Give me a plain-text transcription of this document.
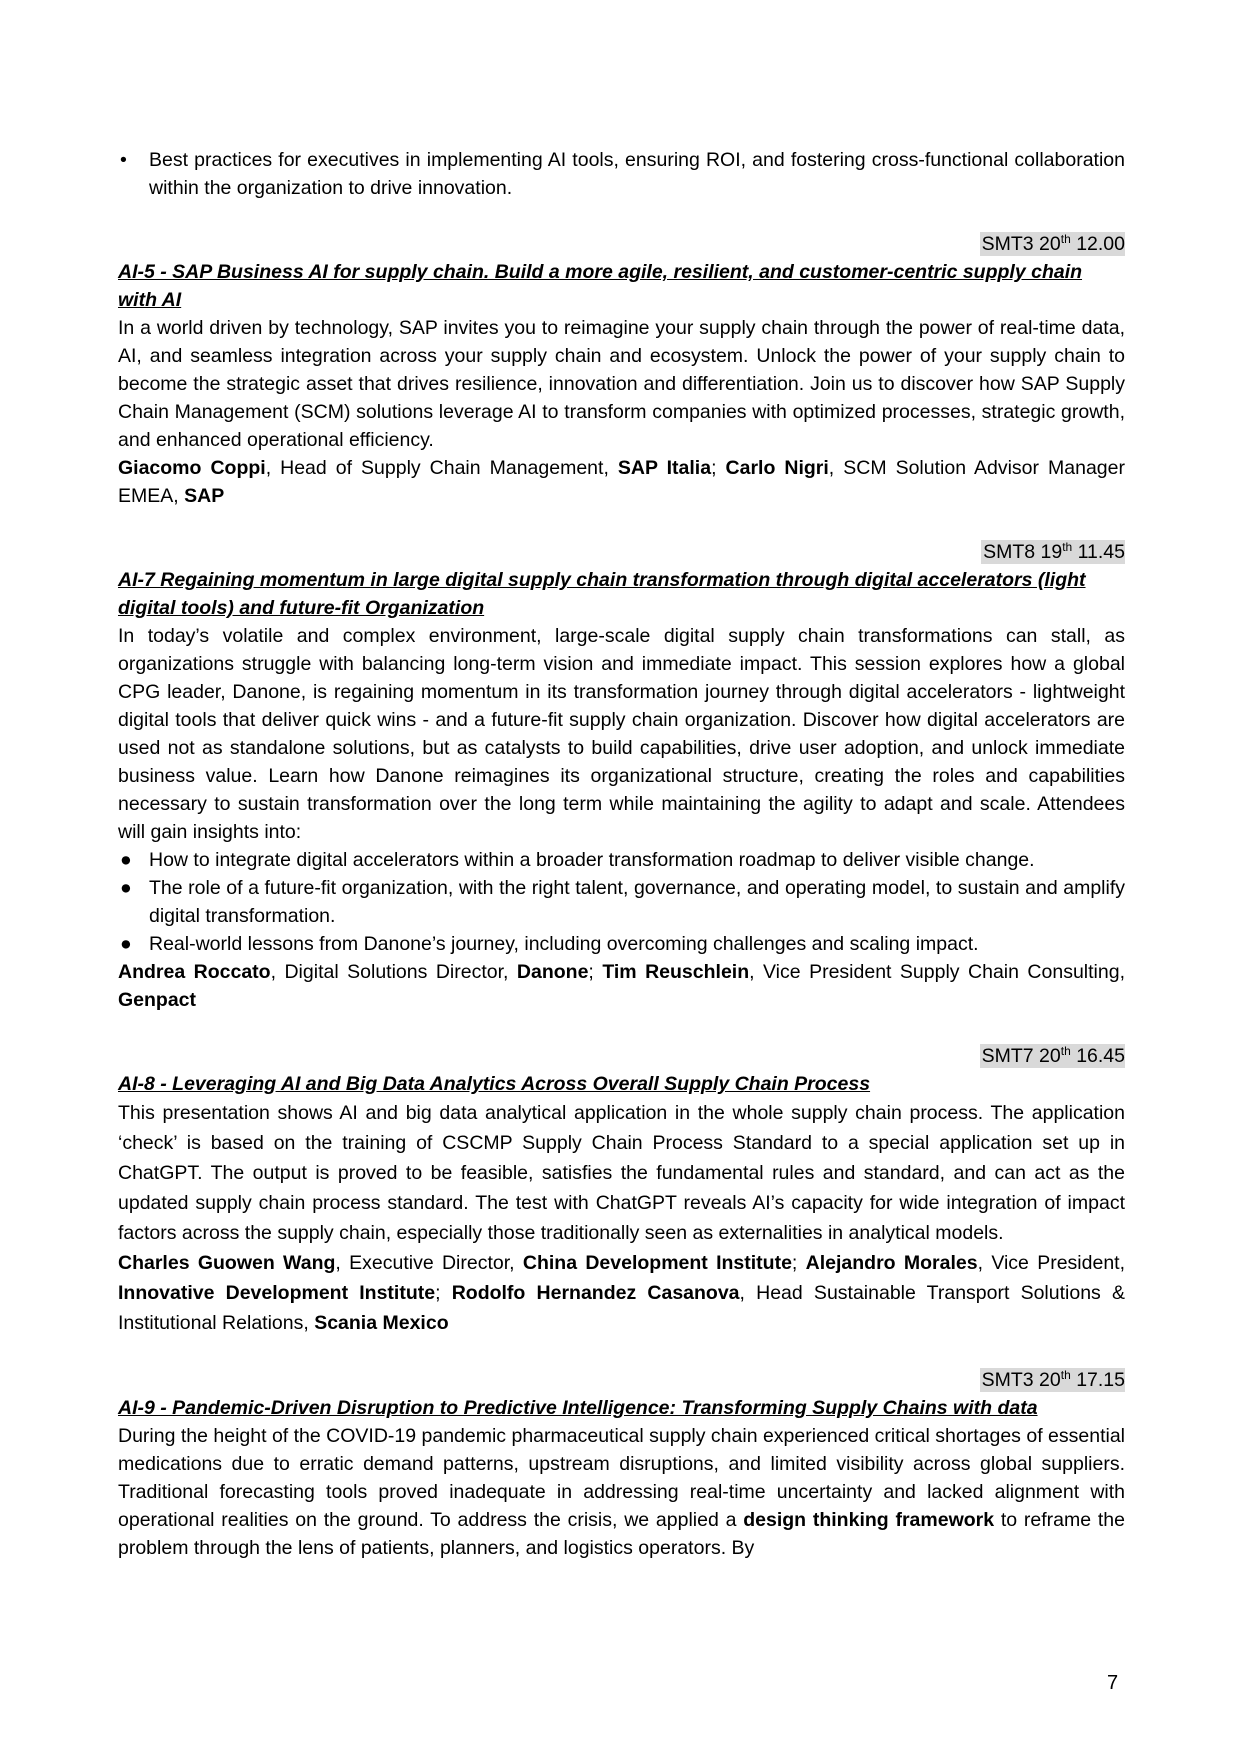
• Best practices for executives in implementing AI tools, ensuring ROI, and fostering cross-functional collaboration within the organization to drive innovation.
SMT3 20th 12.00
AI-5 - SAP Business AI for supply chain. Build a more agile, resilient, and customer-centric supply chain with AI
In a world driven by technology, SAP invites you to reimagine your supply chain through the power of real-time data, AI, and seamless integration across your supply chain and ecosystem. Unlock the power of your supply chain to become the strategic asset that drives resilience, innovation and differentiation. Join us to discover how SAP Supply Chain Management (SCM) solutions leverage AI to transform companies with optimized processes, strategic growth, and enhanced operational efficiency.
Giacomo Coppi, Head of Supply Chain Management, SAP Italia; Carlo Nigri, SCM Solution Advisor Manager EMEA, SAP
SMT8 19th 11.45
AI-7 Regaining momentum in large digital supply chain transformation through digital accelerators (light digital tools) and future-fit Organization
In today’s volatile and complex environment, large-scale digital supply chain transformations can stall, as organizations struggle with balancing long-term vision and immediate impact. This session explores how a global CPG leader, Danone, is regaining momentum in its transformation journey through digital accelerators - lightweight digital tools that deliver quick wins - and a future-fit supply chain organization. Discover how digital accelerators are used not as standalone solutions, but as catalysts to build capabilities, drive user adoption, and unlock immediate business value. Learn how Danone reimagines its organizational structure, creating the roles and capabilities necessary to sustain transformation over the long term while maintaining the agility to adapt and scale. Attendees will gain insights into:
● How to integrate digital accelerators within a broader transformation roadmap to deliver visible change.
● The role of a future-fit organization, with the right talent, governance, and operating model, to sustain and amplify digital transformation.
● Real-world lessons from Danone’s journey, including overcoming challenges and scaling impact.
Andrea Roccato, Digital Solutions Director, Danone; Tim Reuschlein, Vice President Supply Chain Consulting, Genpact
SMT7 20th 16.45
AI-8 - Leveraging AI and Big Data Analytics Across Overall Supply Chain Process
This presentation shows AI and big data analytical application in the whole supply chain process. The application ‘check’ is based on the training of CSCMP Supply Chain Process Standard to a special application set up in ChatGPT. The output is proved to be feasible, satisfies the fundamental rules and standard, and can act as the updated supply chain process standard. The test with ChatGPT reveals AI’s capacity for wide integration of impact factors across the supply chain, especially those traditionally seen as externalities in analytical models.
Charles Guowen Wang, Executive Director, China Development Institute; Alejandro Morales, Vice President, Innovative Development Institute; Rodolfo Hernandez Casanova, Head Sustainable Transport Solutions & Institutional Relations, Scania Mexico
SMT3 20th 17.15
AI-9 - Pandemic-Driven Disruption to Predictive Intelligence: Transforming Supply Chains with data
During the height of the COVID-19 pandemic pharmaceutical supply chain experienced critical shortages of essential medications due to erratic demand patterns, upstream disruptions, and limited visibility across global suppliers. Traditional forecasting tools proved inadequate in addressing real-time uncertainty and lacked alignment with operational realities on the ground. To address the crisis, we applied a design thinking framework to reframe the problem through the lens of patients, planners, and logistics operators. By
7
